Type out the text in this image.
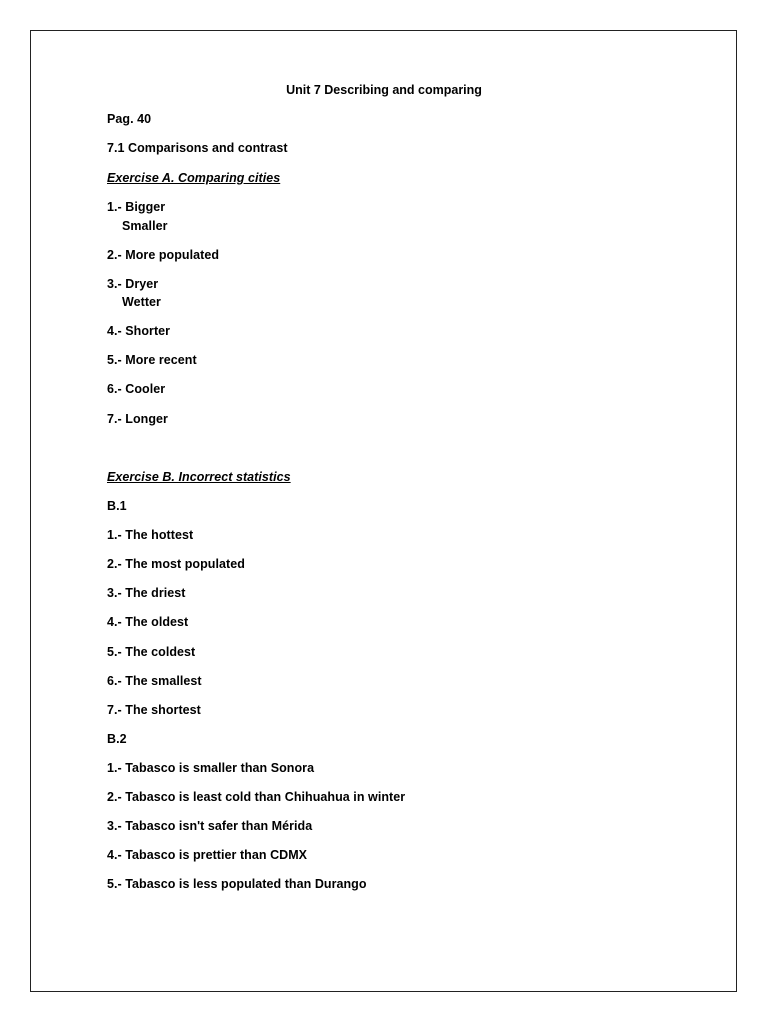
Unit 7 Describing and comparing
Pag. 40
7.1 Comparisons and contrast
Exercise A. Comparing cities
1.- Bigger
Smaller
2.- More populated
3.- Dryer
Wetter
4.- Shorter
5.- More recent
6.- Cooler
7.- Longer
Exercise B. Incorrect statistics
B.1
1.- The hottest
2.- The most populated
3.- The driest
4.- The oldest
5.- The coldest
6.- The smallest
7.- The shortest
B.2
1.- Tabasco is smaller than Sonora
2.- Tabasco is least cold than Chihuahua in winter
3.- Tabasco isn't safer than Mérida
4.- Tabasco is prettier than CDMX
5.- Tabasco is less populated than Durango
